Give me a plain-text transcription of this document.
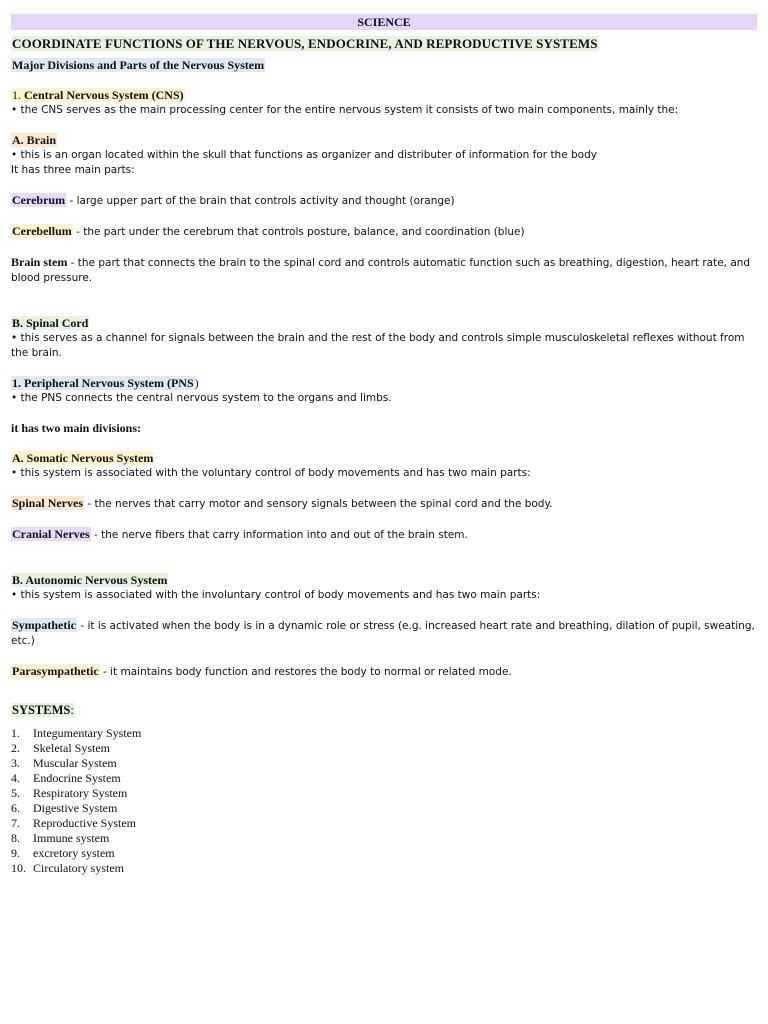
SCIENCE
COORDINATE FUNCTIONS OF THE NERVOUS, ENDOCRINE, AND REPRODUCTIVE SYSTEMS
Major Divisions and Parts of the Nervous System

1. Central Nervous System (CNS)

• the CNS serves as the main processing center for the entire nervous system it consists of two main components, mainly the:

A. Brain

• this is an organ located within the skull that functions as organizer and distributer of information for the body

It has three main parts:

Cerebrum - large upper part of the brain that controls activity and thought (orange)

Cerebellum - the part under the cerebrum that controls posture, balance, and coordination (blue)

Brain stem - the part that connects the brain to the spinal cord and controls automatic function such as breathing, digestion, heart rate, and blood pressure.

B. Spinal Cord

• this serves as a channel for signals between the brain and the rest of the body and controls simple musculoskeletal reflexes without from the brain.

1. Peripheral Nervous System (PNS)

• the PNS connects the central nervous system to the organs and limbs.

it has two main divisions:

A. Somatic Nervous System

• this system is associated with the voluntary control of body movements and has two main parts:

Spinal Nerves - the nerves that carry motor and sensory signals between the spinal cord and the body.

Cranial Nerves - the nerve fibers that carry information into and out of the brain stem.

B. Autonomic Nervous System

• this system is associated with the involuntary control of body movements and has two main parts:

Sympathetic - it is activated when the body is in a dynamic role or stress (e.g. increased heart rate and breathing, dilation of pupil, sweating, etc.)

Parasympathetic - it maintains body function and restores the body to normal or related mode.

SYSTEMS:

1.	Integumentary System
2.	Skeletal System
3.	Muscular System
4.	Endocrine System
5.	Respiratory System
6.	Digestive System
7.	Reproductive System
8.	Immune system
9.	excretory system
10. Circulatory system
